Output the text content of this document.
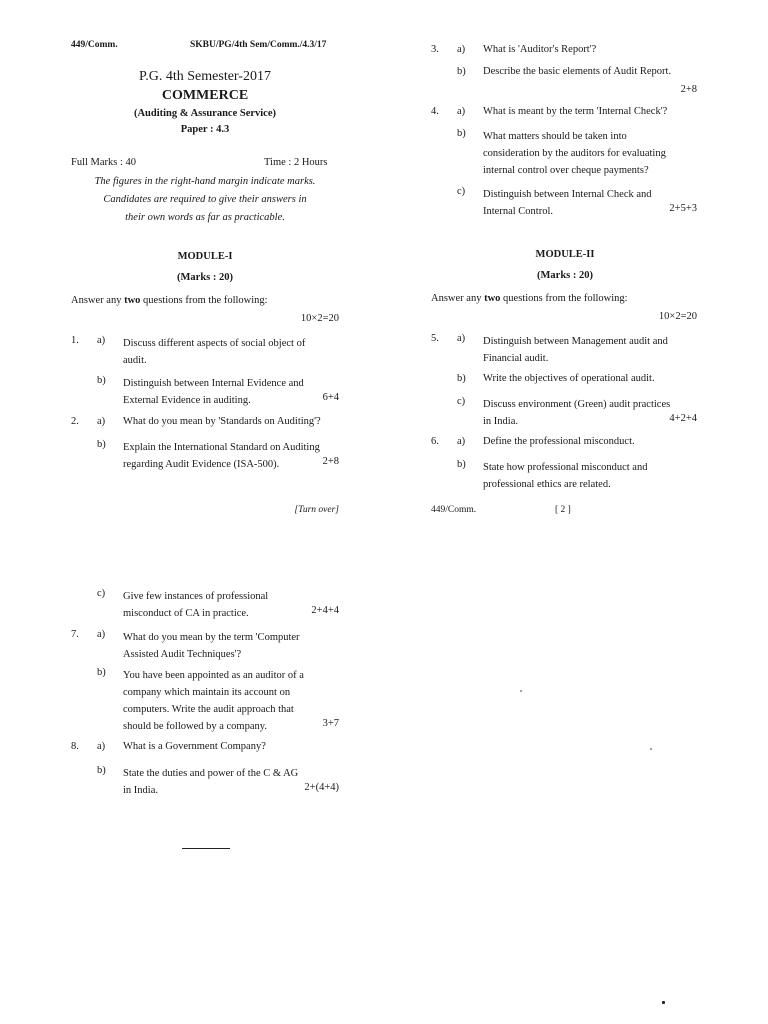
449/Comm.	SKBU/PG/4th Sem/Comm./4.3/17
P.G. 4th Semester-2017
COMMERCE
(Auditing & Assurance Service)
Paper : 4.3
Full Marks : 40	Time : 2 Hours
The figures in the right-hand margin indicate marks.
Candidates are required to give their answers in
their own words as far as practicable.
MODULE-I
(Marks : 20)
Answer any two questions from the following:
10×2=20
1. a) Discuss different aspects of social object of
audit.
b) Distinguish between Internal Evidence and
External Evidence in auditing.	6+4
2. a) What do you mean by 'Standards on Auditing'?
b) Explain the International Standard on Auditing
regarding Audit Evidence (ISA-500).	2+8
[Turn over]
3. a) What is 'Auditor's Report'?
b) Describe the basic elements of Audit Report.
2+8
4. a) What is meant by the term 'Internal Check'?
b) What matters should be taken into
consideration by the auditors for evaluating
internal control over cheque payments?
c) Distinguish between Internal Check and
Internal Control.	2+5+3
MODULE-II
(Marks : 20)
Answer any two questions from the following:
10×2=20
5. a) Distinguish between Management audit and
Financial audit.
b) Write the objectives of operational audit.
c) Discuss environment (Green) audit practices
in India.	4+2+4
6. a) Define the professional misconduct.
b) State how professional misconduct and
professional ethics are related.
449/Comm.	[ 2 ]
c) Give few instances of professional
misconduct of CA in practice.	2+4+4
7. a) What do you mean by the term 'Computer
Assisted Audit Techniques'?
b) You have been appointed as an auditor of a
company which maintain its account on
computers. Write the audit approach that
should be followed by a company.	3+7
8. a) What is a Government Company?
b) State the duties and power of the C & AG
in India.	2+(4+4)
